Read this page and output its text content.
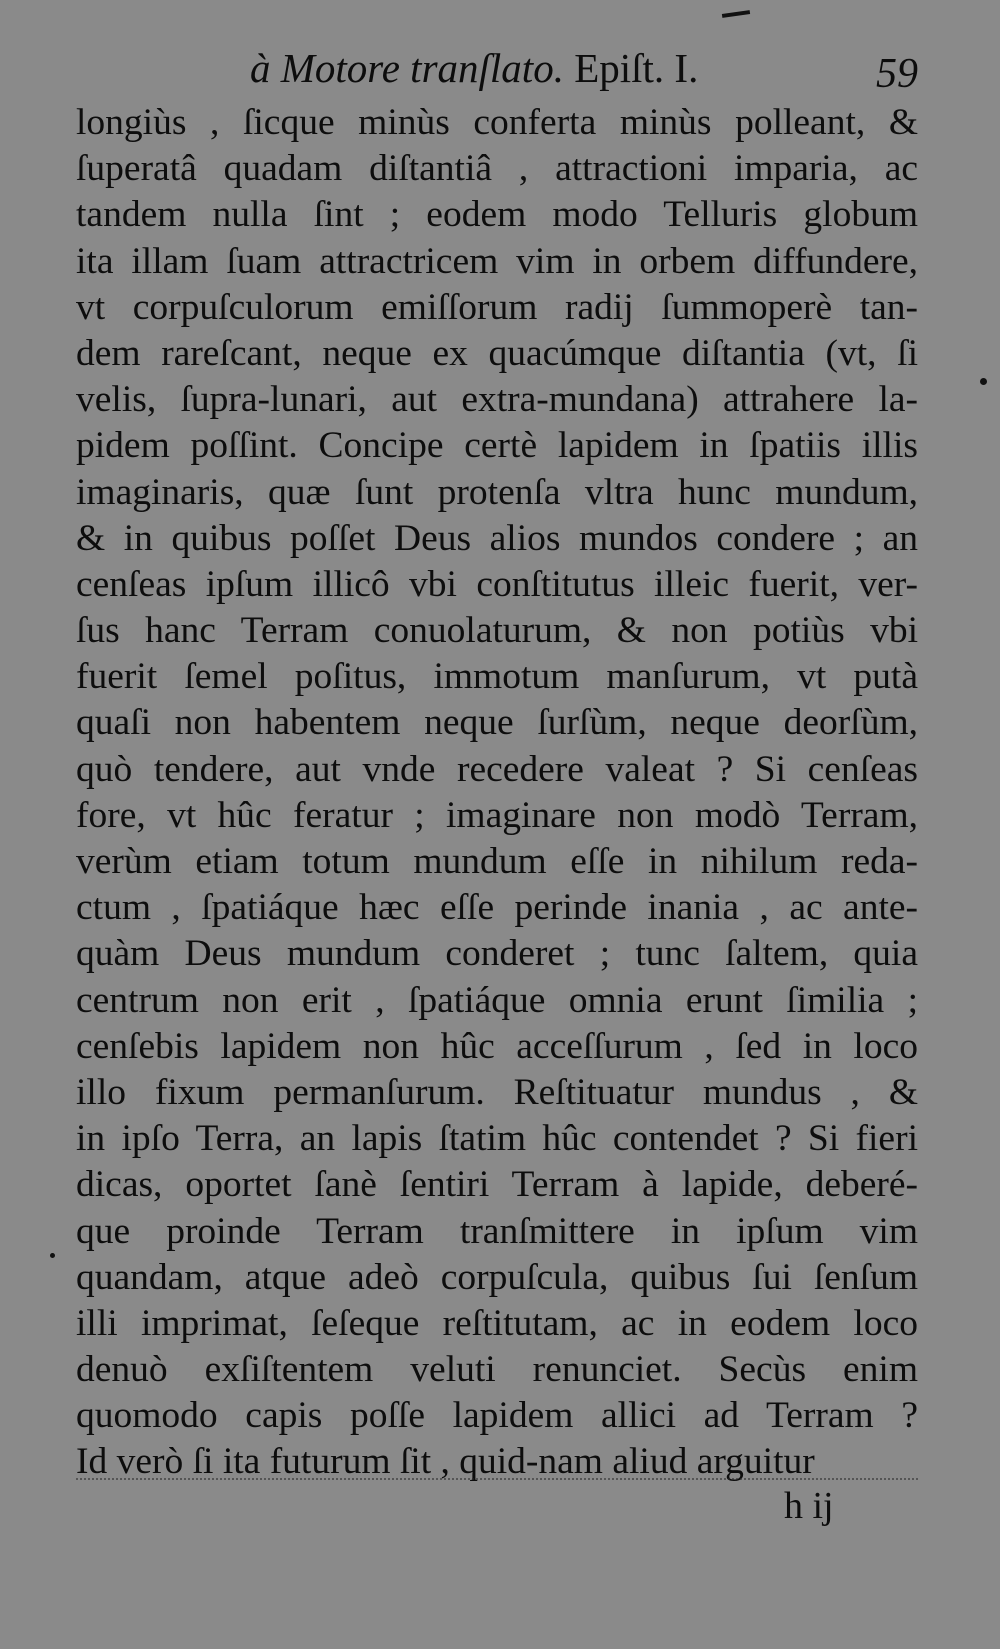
à Motore tranſlato. Epiſt. I.	59
longiùs , ſicque minùs conferta minùs polleant, &
ſuperatâ quadam diſtantiâ , attractioni imparia, ac
tandem nulla ſint ; eodem modo Telluris globum
ita illam ſuam attractricem vim in orbem diffundere,
vt corpuſculorum emiſſorum radij ſummoperè tan-
dem rareſcant, neque ex quacúmque diſtantia (vt, ſi
velis, ſupra-lunari, aut extra-mundana) attrahere la-
pidem poſſint. Concipe certè lapidem in ſpatiis illis
imaginaris, quæ ſunt protenſa vltra hunc mundum,
& in quibus poſſet Deus alios mundos condere ; an
cenſeas ipſum illicô vbi conſtitutus illeic fuerit, ver-
ſus hanc Terram conuolaturum, & non potiùs vbi
fuerit ſemel poſitus, immotum manſurum, vt putà
quaſi non habentem neque ſurſùm, neque deorſùm,
quò tendere, aut vnde recedere valeat ? Si cenſeas
fore, vt hûc feratur ; imaginare non modò Terram,
verùm etiam totum mundum eſſe in nihilum reda-
ctum , ſpatiáque hæc eſſe perinde inania , ac ante-
quàm Deus mundum conderet ; tunc ſaltem, quia
centrum non erit , ſpatiáque omnia erunt ſimilia ;
cenſebis lapidem non hûc acceſſurum , ſed in loco
illo fixum permanſurum. Reſtituatur mundus , &
in ipſo Terra, an lapis ſtatim hûc contendet ? Si fieri
dicas, oportet ſanè ſentiri Terram à lapide, deberé-
que proinde Terram tranſmittere in ipſum vim
quandam, atque adeò corpuſcula, quibus ſui ſenſum
illi imprimat, ſeſeque reſtitutam, ac in eodem loco
denuò exſiſtentem veluti renunciet. Secùs enim
quomodo capis poſſe lapidem allici ad Terram ?
Id verò ſi ita futurum ſit , quid-nam aliud arguitur
h ij
